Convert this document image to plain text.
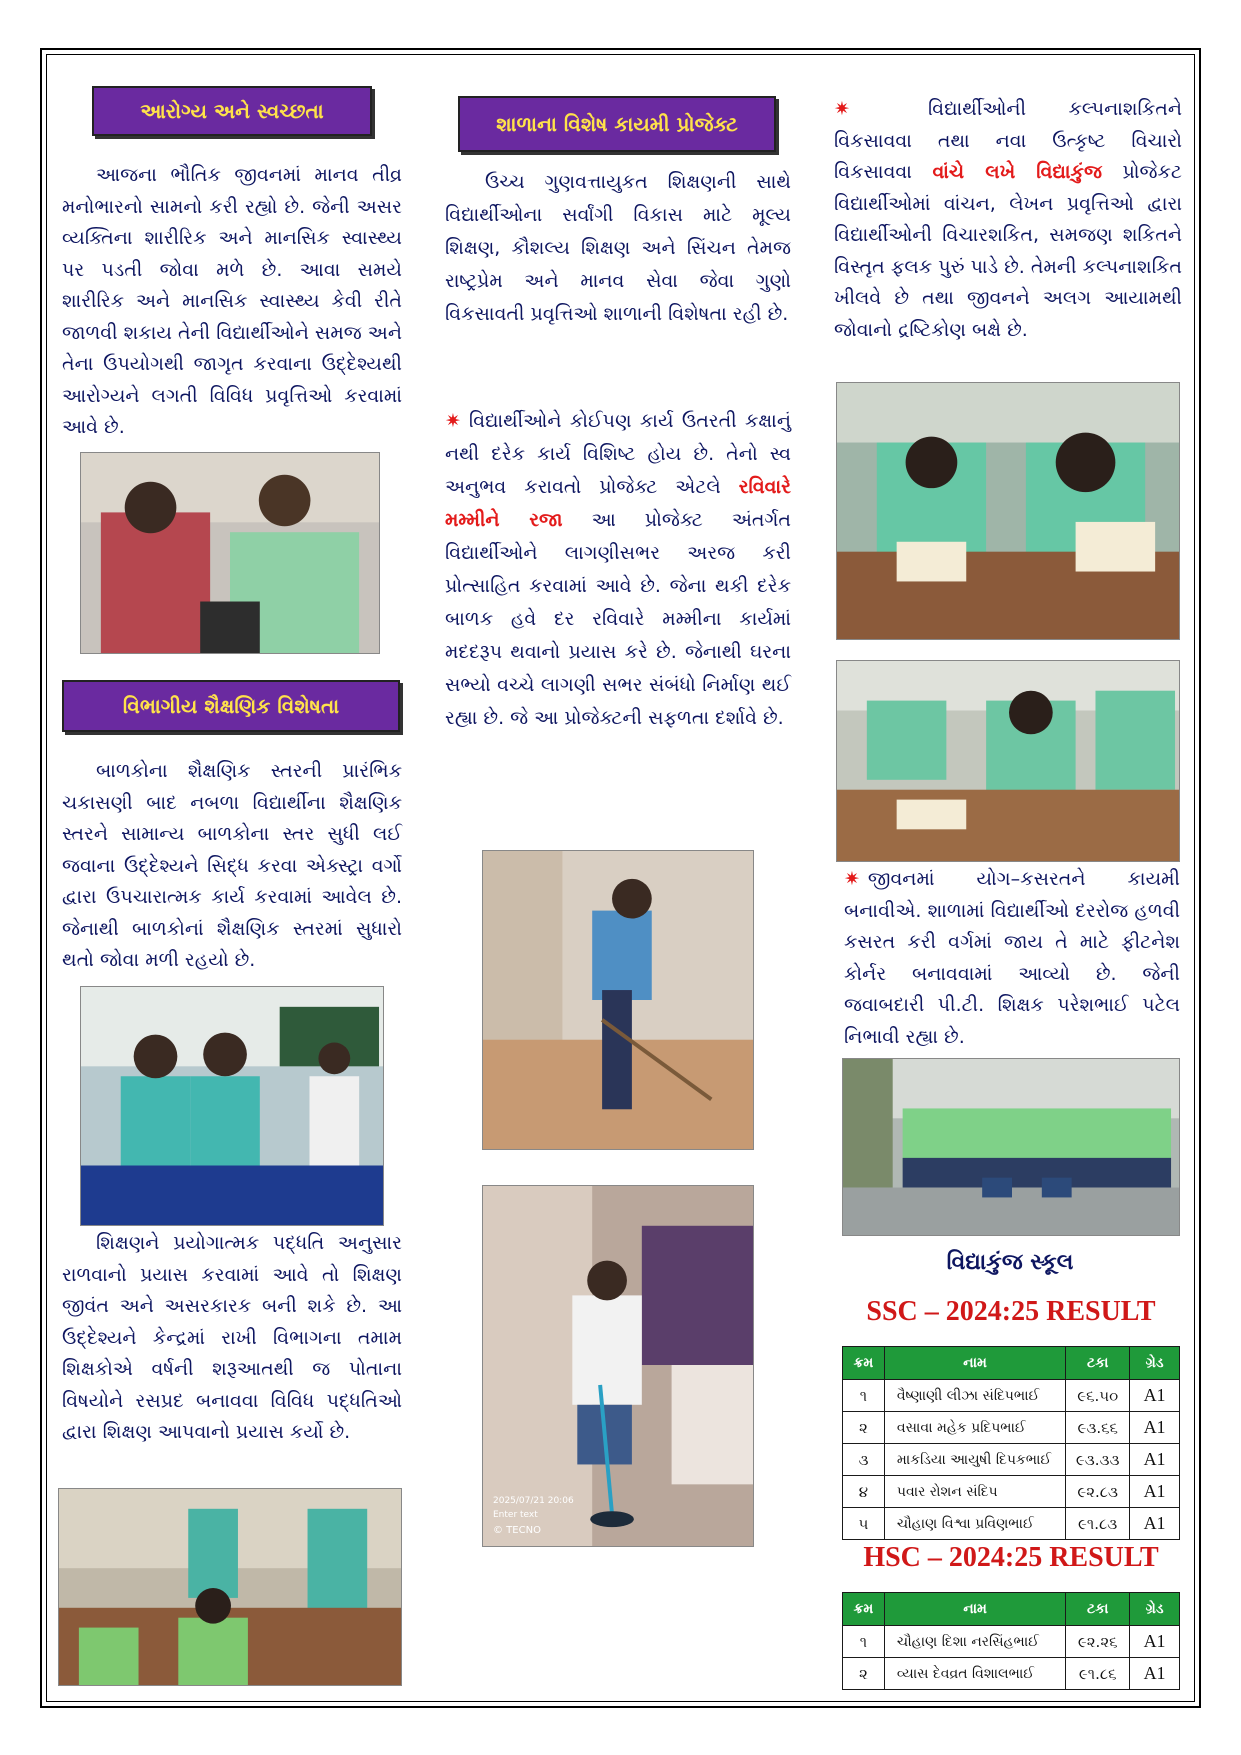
આરોગ્ય અને સ્વચ્છતા

આજના ભૌતિક જીવનમાં માનવ તીવ્ર મનોભારનો સામનો કરી રહ્યો છે. જેની અસર વ્યક્તિના શારીરિક અને માનસિક સ્વાસ્થ્ય પર પડતી જોવા મળે છે. આવા સમયે શારીરિક અને માનસિક સ્વાસ્થ્ય કેવી રીતે જાળવી શકાય તેની વિદ્યાર્થીઓને સમજ અને તેના ઉપયોગથી જાગૃત કરવાના ઉદ્દેશ્યથી આરોગ્યને લગતી વિવિધ પ્રવૃત્તિઓ કરવામાં આવે છે.

વિભાગીય શૈક્ષણિક વિશેષતા

બાળકોના શૈક્ષણિક સ્તરની પ્રારંભિક ચકાસણી બાદ નબળા વિદ્યાર્થીના શૈક્ષણિક સ્તરને સામાન્ય બાળકોના સ્તર સુધી લઈ જવાના ઉદ્દેશ્યને સિદ્ધ કરવા એક્સ્ટ્રા વર્ગો દ્વારા ઉપચારાત્મક કાર્ય કરવામાં આવેલ છે. જેનાથી બાળકોનાં શૈક્ષણિક સ્તરમાં સુધારો થતો જોવા મળી રહયો છે.

શિક્ષણને પ્રયોગાત્મક પદ્ધતિ અનુસાર રાળવાનો પ્રયાસ કરવામાં આવે તો શિક્ષણ જીવંત અને અસરકારક બની શકે છે. આ ઉદ્દેશ્યને કેન્દ્રમાં રાખી વિભાગના તમામ શિક્ષકોએ વર્ષની શરૂઆતથી જ પોતાના વિષયોને રસપ્રદ બનાવવા વિવિધ પદ્ધતિઓ દ્વારા શિક્ષણ આપવાનો પ્રયાસ કર્યો છે.

શાળાના વિશેષ કાયમી પ્રોજેક્ટ

ઉચ્ચ ગુણવત્તાયુકત શિક્ષણની સાથે વિદ્યાર્થીઓના સર્વાંગી વિકાસ માટે મૂલ્ય શિક્ષણ, કૌશલ્ય શિક્ષણ અને સિંચન તેમજ રાષ્ટ્રપ્રેમ અને માનવ સેવા જેવા ગુણો વિકસાવતી પ્રવૃત્તિઓ શાળાની વિશેષતા રહી છે.

✷ વિદ્યાર્થીઓને કોઈપણ કાર્ય ઉતરતી કક્ષાનું નથી દરેક કાર્ય વિશિષ્ટ હોય છે. તેનો સ્વ અનુભવ કરાવતો પ્રોજેક્ટ એટલે રવિવારે મમ્મીને રજા આ પ્રોજેક્ટ અંતર્ગત વિદ્યાર્થીઓને લાગણીસભર અરજ કરી પ્રોત્સાહિત કરવામાં આવે છે. જેના થકી દરેક બાળક હવે દર રવિવારે મમ્મીના કાર્યમાં મદદરૂપ થવાનો પ્રયાસ કરે છે. જેનાથી ઘરના સભ્યો વચ્ચે લાગણી સભર સંબંધો નિર્માણ થઈ રહ્યા છે. જે આ પ્રોજેક્ટની સફળતા દર્શાવે છે.

2025/07/21 20:06
Enter text
© TECNO

✷	વિદ્યાર્થીઓની કલ્પનાશકિતને વિકસાવવા તથા નવા ઉત્કૃષ્ટ વિચારો વિકસાવવા વાંચે લખે વિદ્યાકુંજ પ્રોજેકટ વિદ્યાર્થીઓમાં વાંચન, લેખન પ્રવૃત્તિઓ દ્વારા વિદ્યાર્થીઓની વિચારશકિત, સમજણ શકિતને વિસ્તૃત ફલક પુરું પાડે છે. તેમની કલ્પનાશકિત ખીલવે છે તથા જીવનને અલગ આયામથી જોવાનો દ્રષ્ટિકોણ બક્ષે છે.

✷ જીવનમાં યોગ–કસરતને કાયમી બનાવીએ. શાળામાં વિદ્યાર્થીઓ દરરોજ હળવી કસરત કરી વર્ગમાં જાય તે માટે ફીટનેશ કોર્નર બનાવવામાં આવ્યો છે. જેની જવાબદારી પી.ટી. શિક્ષક પરેશભાઈ પટેલ નિભાવી રહ્યા છે.

વિદ્યાકુંજ સ્કૂલ
SSC – 2024:25 RESULT
ક્રમ	નામ	ટકા	ગ્રેડ
૧	વૈષ્ણાણી લીઝા સંદિપભાઈ	૯૬.૫૦	A1
૨	વસાવા મહેક પ્રદિપભાઈ	૯૩.૬૬	A1
૩	માકડિયા આયુષી દિપકભાઈ	૯૩.૩૩	A1
૪	પવાર રોશન સંદિપ	૯૨.૮૩	A1
૫	ચૌહાણ વિશ્વા પ્રવિણભાઈ	૯૧.૮૩	A1
HSC – 2024:25 RESULT
ક્રમ	નામ	ટકા	ગ્રેડ
૧	ચૌહાણ દિશા નરસિંહભાઈ	૯૨.૨૬	A1
૨	વ્યાસ દેવવ્રત વિશાલભાઈ	૯૧.૮૬	A1
